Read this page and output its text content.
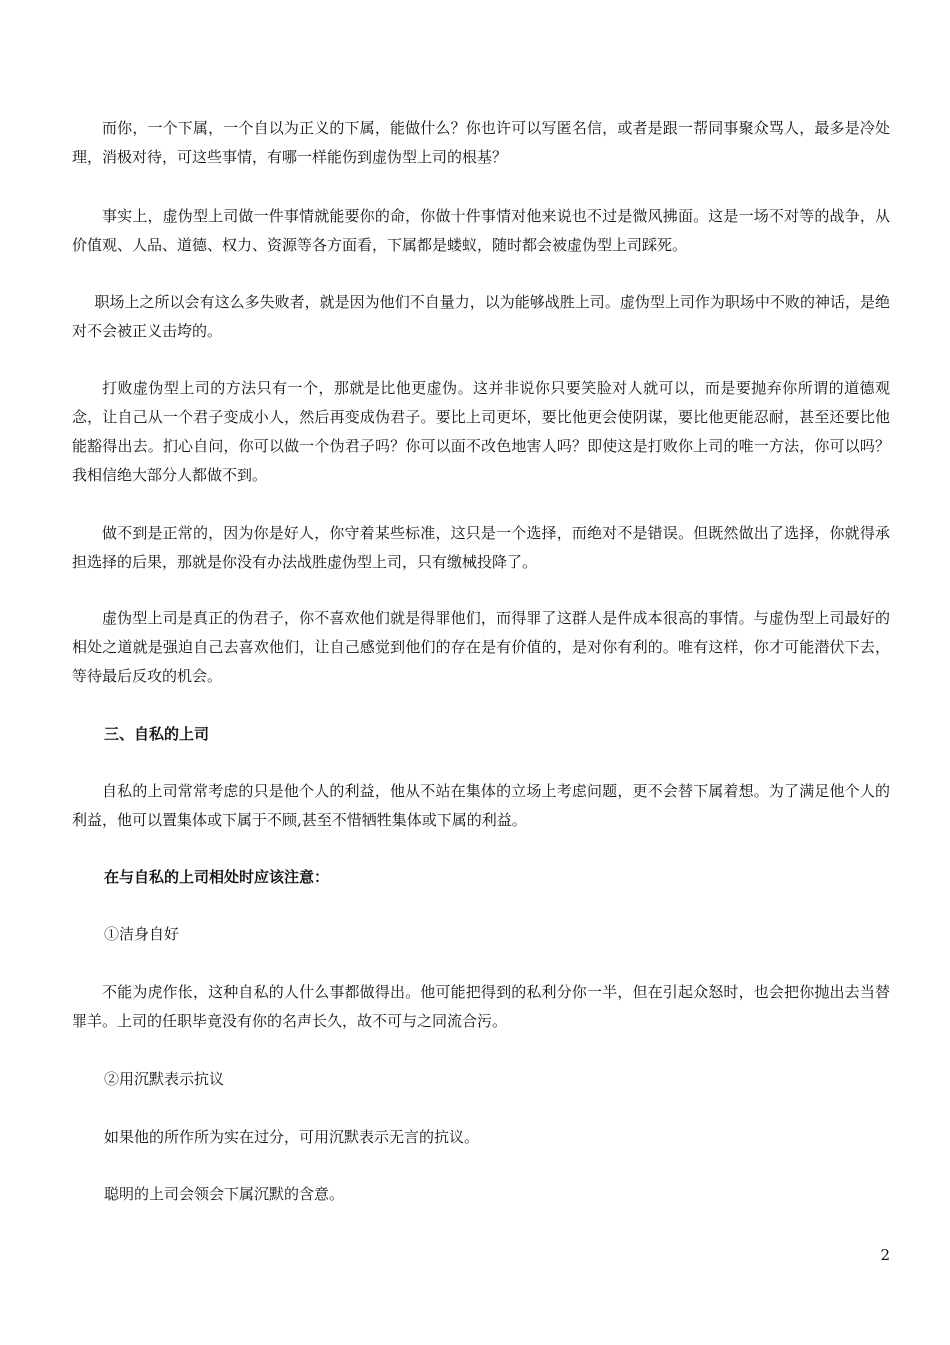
而你，一个下属，一个自以为正义的下属，能做什么？你也许可以写匿名信，或者是跟一帮同事聚众骂人，最多是冷处理，消极对待，可这些事情，有哪一样能伤到虚伪型上司的根基？

事实上，虚伪型上司做一件事情就能要你的命，你做十件事情对他来说也不过是微风拂面。这是一场不对等的战争，从价值观、人品、道德、权力、资源等各方面看，下属都是蝼蚁，随时都会被虚伪型上司踩死。

职场上之所以会有这么多失败者，就是因为他们不自量力，以为能够战胜上司。虚伪型上司作为职场中不败的神话，是绝对不会被正义击垮的。

打败虚伪型上司的方法只有一个，那就是比他更虚伪。这并非说你只要笑脸对人就可以，而是要抛弃你所谓的道德观念，让自己从一个君子变成小人，然后再变成伪君子。要比上司更坏，要比他更会使阴谋，要比他更能忍耐，甚至还要比他能豁得出去。扪心自问，你可以做一个伪君子吗？你可以面不改色地害人吗？即使这是打败你上司的唯一方法，你可以吗？我相信绝大部分人都做不到。

做不到是正常的，因为你是好人，你守着某些标准，这只是一个选择，而绝对不是错误。但既然做出了选择，你就得承担选择的后果，那就是你没有办法战胜虚伪型上司，只有缴械投降了。

虚伪型上司是真正的伪君子，你不喜欢他们就是得罪他们，而得罪了这群人是件成本很高的事情。与虚伪型上司最好的相处之道就是强迫自己去喜欢他们，让自己感觉到他们的存在是有价值的，是对你有利的。唯有这样，你才可能潜伏下去，等待最后反攻的机会。

三、自私的上司

自私的上司常常考虑的只是他个人的利益，他从不站在集体的立场上考虑问题，更不会替下属着想。为了满足他个人的利益，他可以置集体或下属于不顾,甚至不惜牺牲集体或下属的利益。

在与自私的上司相处时应该注意：

①洁身自好

不能为虎作伥，这种自私的人什么事都做得出。他可能把得到的私利分你一半，但在引起众怒时，也会把你抛出去当替罪羊。上司的任职毕竟没有你的名声长久，故不可与之同流合污。

②用沉默表示抗议

如果他的所作所为实在过分，可用沉默表示无言的抗议。

聪明的上司会领会下属沉默的含意。

2
